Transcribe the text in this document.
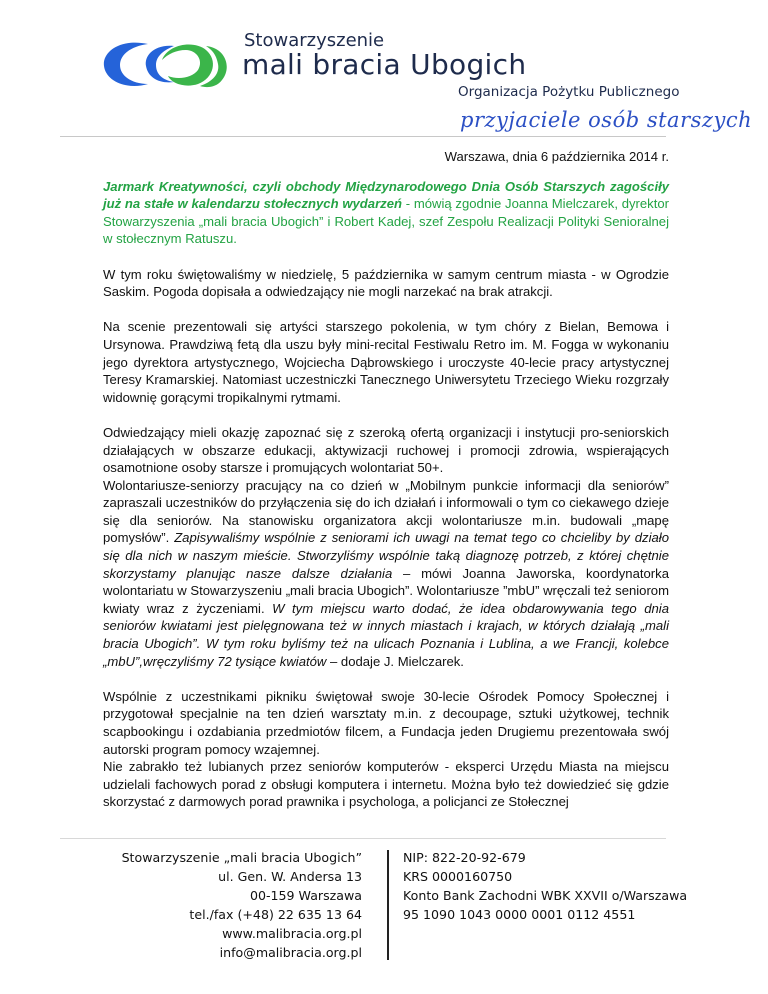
Stowarzyszenie
mali bracia Ubogich
Organizacja Pożytku Publicznego
przyjaciele osób starszych
Warszawa, dnia 6 października 2014 r.

Jarmark Kreatywności, czyli obchody Międzynarodowego Dnia Osób Starszych zagościły już na stałe w kalendarzu stołecznych wydarzeń - mówią zgodnie Joanna Mielczarek, dyrektor Stowarzyszenia „mali bracia Ubogich” i Robert Kadej, szef Zespołu Realizacji Polityki Senioralnej w stołecznym Ratuszu.

W tym roku świętowaliśmy w niedzielę, 5 października w samym centrum miasta - w Ogrodzie Saskim. Pogoda dopisała a odwiedzający nie mogli narzekać na brak atrakcji.

Na scenie prezentowali się artyści starszego pokolenia, w tym chóry z Bielan, Bemowa i Ursynowa. Prawdziwą fetą dla uszu były mini-recital Festiwalu Retro im. M. Fogga w wykonaniu jego dyrektora artystycznego, Wojciecha Dąbrowskiego i uroczyste 40-lecie pracy artystycznej Teresy Kramarskiej. Natomiast uczestniczki Tanecznego Uniwersytetu Trzeciego Wieku rozgrzały widownię gorącymi tropikalnymi rytmami.

Odwiedzający mieli okazję zapoznać się z szeroką ofertą organizacji i instytucji pro-seniorskich działających w obszarze edukacji, aktywizacji ruchowej i promocji zdrowia, wspierających osamotnione osoby starsze i promujących wolontariat 50+.

Wolontariusze-seniorzy pracujący na co dzień w „Mobilnym punkcie informacji dla seniorów” zapraszali uczestników do przyłączenia się do ich działań i informowali o tym co ciekawego dzieje się dla seniorów. Na stanowisku organizatora akcji wolontariusze m.in. budowali „mapę pomysłów”. Zapisywaliśmy wspólnie z seniorami ich uwagi na temat tego co chcieliby by działo się dla nich w naszym mieście. Stworzyliśmy wspólnie taką diagnozę potrzeb, z której chętnie skorzystamy planując nasze dalsze działania – mówi Joanna Jaworska, koordynatorka wolontariatu w Stowarzyszeniu „mali bracia Ubogich”. Wolontariusze ”mbU” wręczali też seniorom kwiaty wraz z życzeniami. W tym miejscu warto dodać, że idea obdarowywania tego dnia seniorów kwiatami jest pielęgnowana też w innych miastach i krajach, w których działają „mali bracia Ubogich”. W tym roku byliśmy też na ulicach Poznania i Lublina, a we Francji, kolebce „mbU”,wręczyliśmy 72 tysiące kwiatów – dodaje J. Mielczarek.

Wspólnie z uczestnikami pikniku świętował swoje 30-lecie Ośrodek Pomocy Społecznej i przygotował specjalnie na ten dzień warsztaty m.in. z decoupage, sztuki użytkowej, technik scapbookingu i ozdabiania przedmiotów filcem, a Fundacja jeden Drugiemu prezentowała swój autorski program pomocy wzajemnej.

Nie zabrakło też lubianych przez seniorów komputerów - eksperci Urzędu Miasta na miejscu udzielali fachowych porad z obsługi komputera i internetu. Można było też dowiedzieć się gdzie skorzystać z darmowych porad prawnika i psychologa, a policjanci ze Stołecznej

Stowarzyszenie „mali bracia Ubogich”
ul. Gen. W. Andersa 13
00-159 Warszawa
tel./fax (+48) 22 635 13 64
www.malibracia.org.pl
info@malibracia.org.pl
NIP: 822-20-92-679
KRS 0000160750
Konto Bank Zachodni WBK XXVII o/Warszawa
95 1090 1043 0000 0001 0112 4551
